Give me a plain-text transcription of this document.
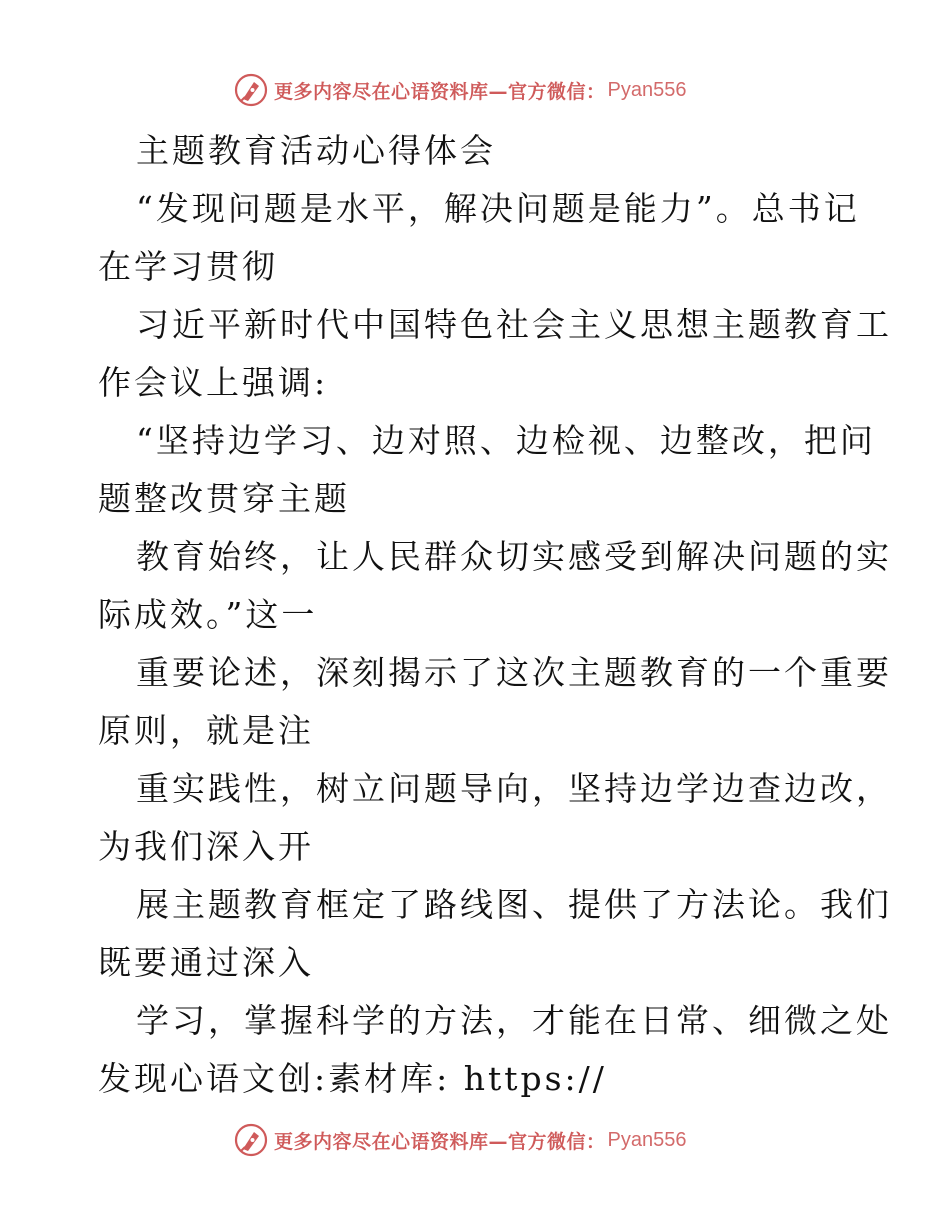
更多内容尽在心语资料库—官方微信： Pyan556
主题教育活动心得体会
“发现问题是水平，解决问题是能力”。总书记
在学习贯彻
习近平新时代中国特色社会主义思想主题教育工
作会议上强调:
“坚持边学习、边对照、边检视、边整改，把问
题整改贯穿主题
教育始终，让人民群众切实感受到解决问题的实
际成效。”这一
重要论述，深刻揭示了这次主题教育的一个重要
原则，就是注
重实践性，树立问题导向，坚持边学边查边改，
为我们深入开
展主题教育框定了路线图、提供了方法论。我们
既要通过深入
学习，掌握科学的方法，才能在日常、细微之处
发现心语文创:素材库: https://
更多内容尽在心语资料库—官方微信： Pyan556
